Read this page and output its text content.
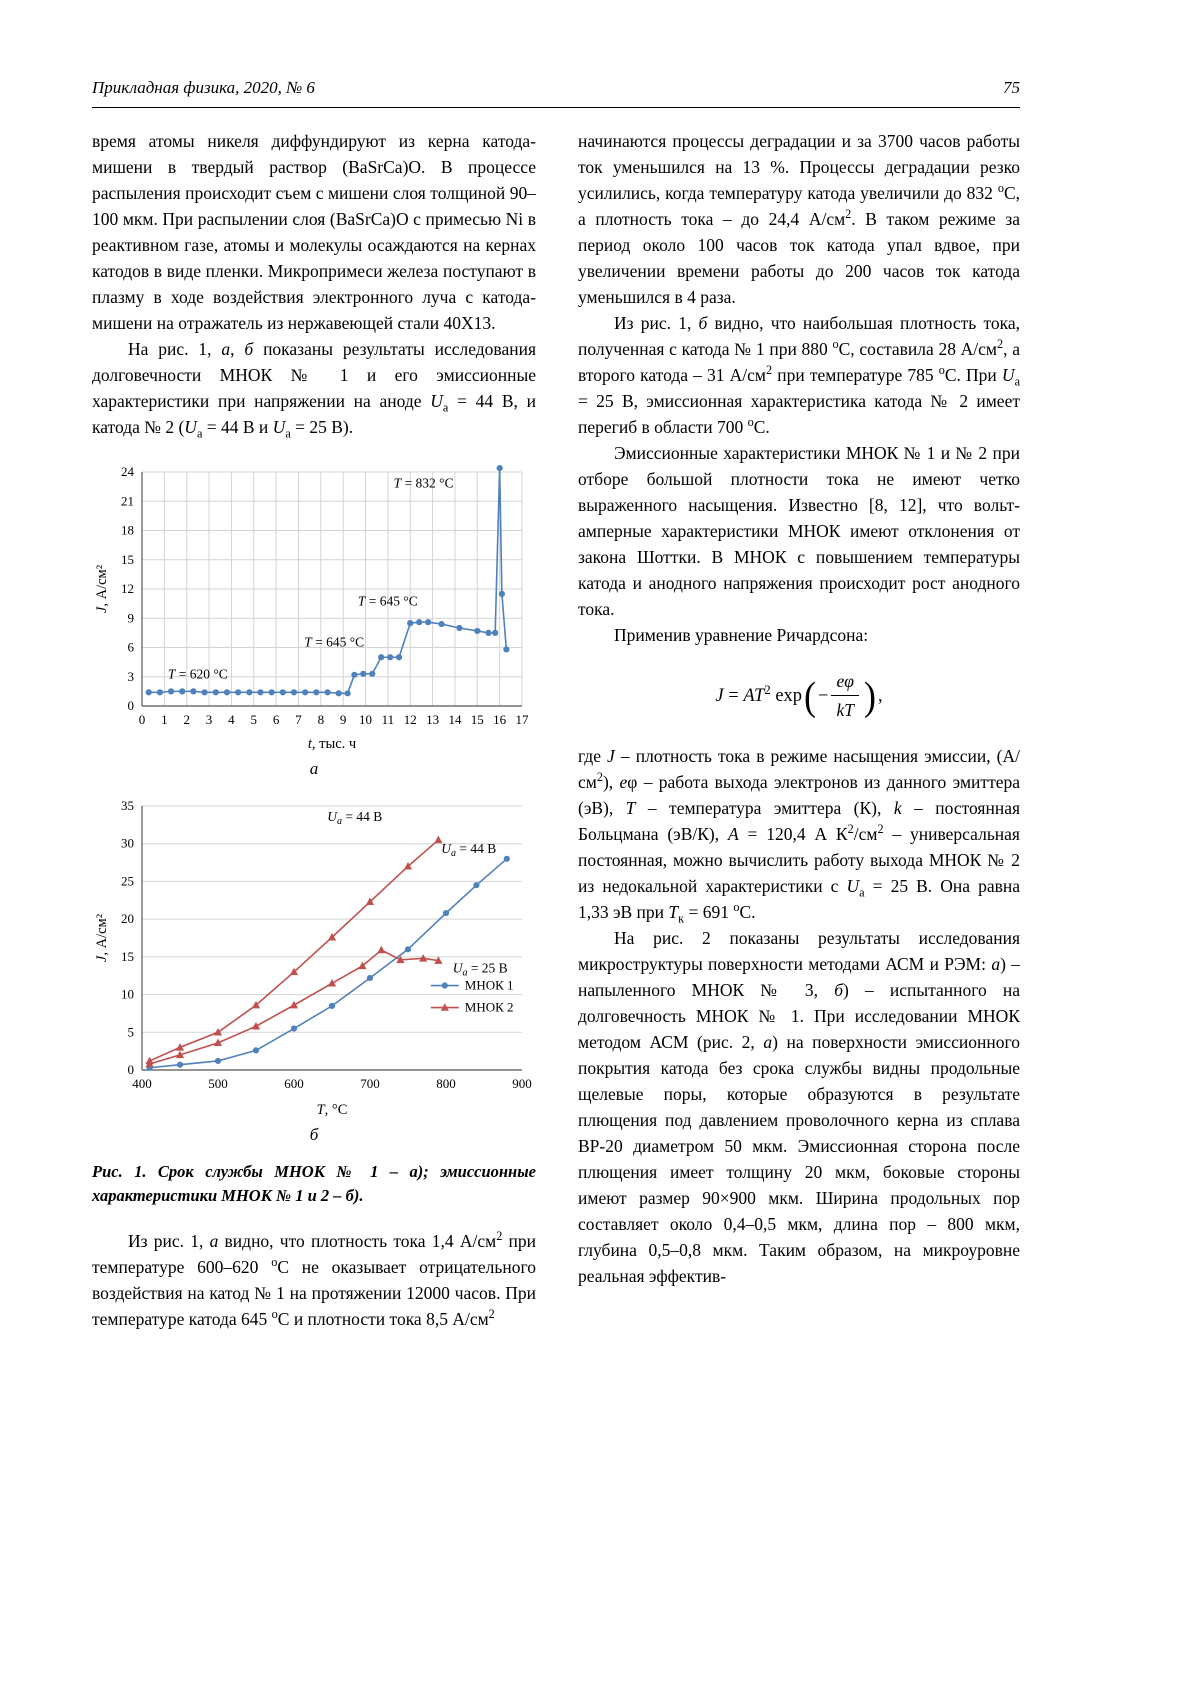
Прикладная физика, 2020, № 6	75

время атомы никеля диффундируют из керна катода-мишени в твердый раствор (BaSrCa)O. В процессе распыления происходит съем с мишени слоя толщиной 90–100 мкм. При распылении слоя (BaSrCa)O с примесью Ni в реактивном газе, атомы и молекулы осаждаются на кернах катодов в виде пленки. Микропримеси железа поступают в плазму в ходе воздействия электронного луча с катода-мишени на отражатель из нержавеющей стали 40X13.

На рис. 1, а, б показаны результаты исследования долговечности МНОК № 1 и его эмиссионные характеристики при напряжении на аноде $U_а = 44$ В, и катода № 2 ($U_а = 44$ В и $U_а = 25$ В).

0 1 2 3 4 5 6 7 8 9 10 11 12 13 14 15 16 17
0
3
6
9
12
15
18
21
24
T = 832 °С
T = 645 °С
T = 645 °С
T = 620 °С
t, тыс. ч
J, А/см²
а
400	500	600	700	800	900
0
5
10
15
20
25
30
35
$U_а = 44$ В
$U_а = 44$ В
$U_а = 25$ В
T, °С
J, А/см²
МНОК 1
МНОК 2
б
Рис. 1. Срок службы МНОК № 1 – а); эмиссионные характеристики МНОК № 1 и 2 – б).

Из рис. 1, а видно, что плотность тока 1,4 $А/см^2$ при температуре 600–620 $^о$С не оказывает отрицательного воздействия на катод № 1 на протяжении 12000 часов. При температуре катода 645 $^о$С и плотности тока 8,5 $А/см^2$

начинаются процессы деградации и за 3700 часов работы ток уменьшился на 13 %. Процессы деградации резко усилились, когда температуру катода увеличили до 832 $^о$С, а плотность тока – до 24,4 $А/см^2$. В таком режиме за период около 100 часов ток катода упал вдвое, при увеличении времени работы до 200 часов ток катода уменьшился в 4 раза.

Из рис. 1, б видно, что наибольшая плотность тока, полученная с катода № 1 при 880 $^о$С, составила 28 $А/см^2$, а второго катода – 31 $А/см^2$ при температуре 785 $^о$С. При $U_а = 25$ В, эмиссионная характеристика катода № 2 имеет перегиб в области 700 $^о$С.

Эмиссионные характеристики МНОК № 1 и № 2 при отборе большой плотности тока не имеют четко выраженного насыщения. Известно [8, 12], что вольт-амперные характеристики МНОК имеют отклонения от закона Шоттки. В МНОК с повышением температуры катода и анодного напряжения происходит рост анодного тока.

Применив уравнение Ричардсона:

$J = AT^2$ exp ( − $\frac{e\varphi}{kT}$ ) ,

где J – плотность тока в режиме насыщения эмиссии, $(А/см^2)$, eφ – работа выхода электронов из данного эмиттера (эВ), T – температура эмиттера (К), k – постоянная Больцмана (эВ/К), A = 120,4 А $К^2/см^2$ – универсальная постоянная, можно вычислить работу выхода МНОК № 2 из недокальной характеристики с $U_а = 25$ В. Она равна 1,33 эВ при $T_к = 691$ $^о$С.

На рис. 2 показаны результаты исследования микроструктуры поверхности методами АСМ и РЭМ: а) – напыленного МНОК № 3, б) – испытанного на долговечность МНОК № 1. При исследовании МНОК методом АСМ (рис. 2, а) на поверхности эмиссионного покрытия катода без срока службы видны продольные щелевые поры, которые образуются в результате плющения под давлением проволочного керна из сплава ВР-20 диаметром 50 мкм. Эмиссионная сторона после плющения имеет толщину 20 мкм, боковые стороны имеют размер 90×900 мкм. Ширина продольных пор составляет около 0,4–0,5 мкм, длина пор – 800 мкм, глубина 0,5–0,8 мкм. Таким образом, на микроуровне реальная эффектив-
